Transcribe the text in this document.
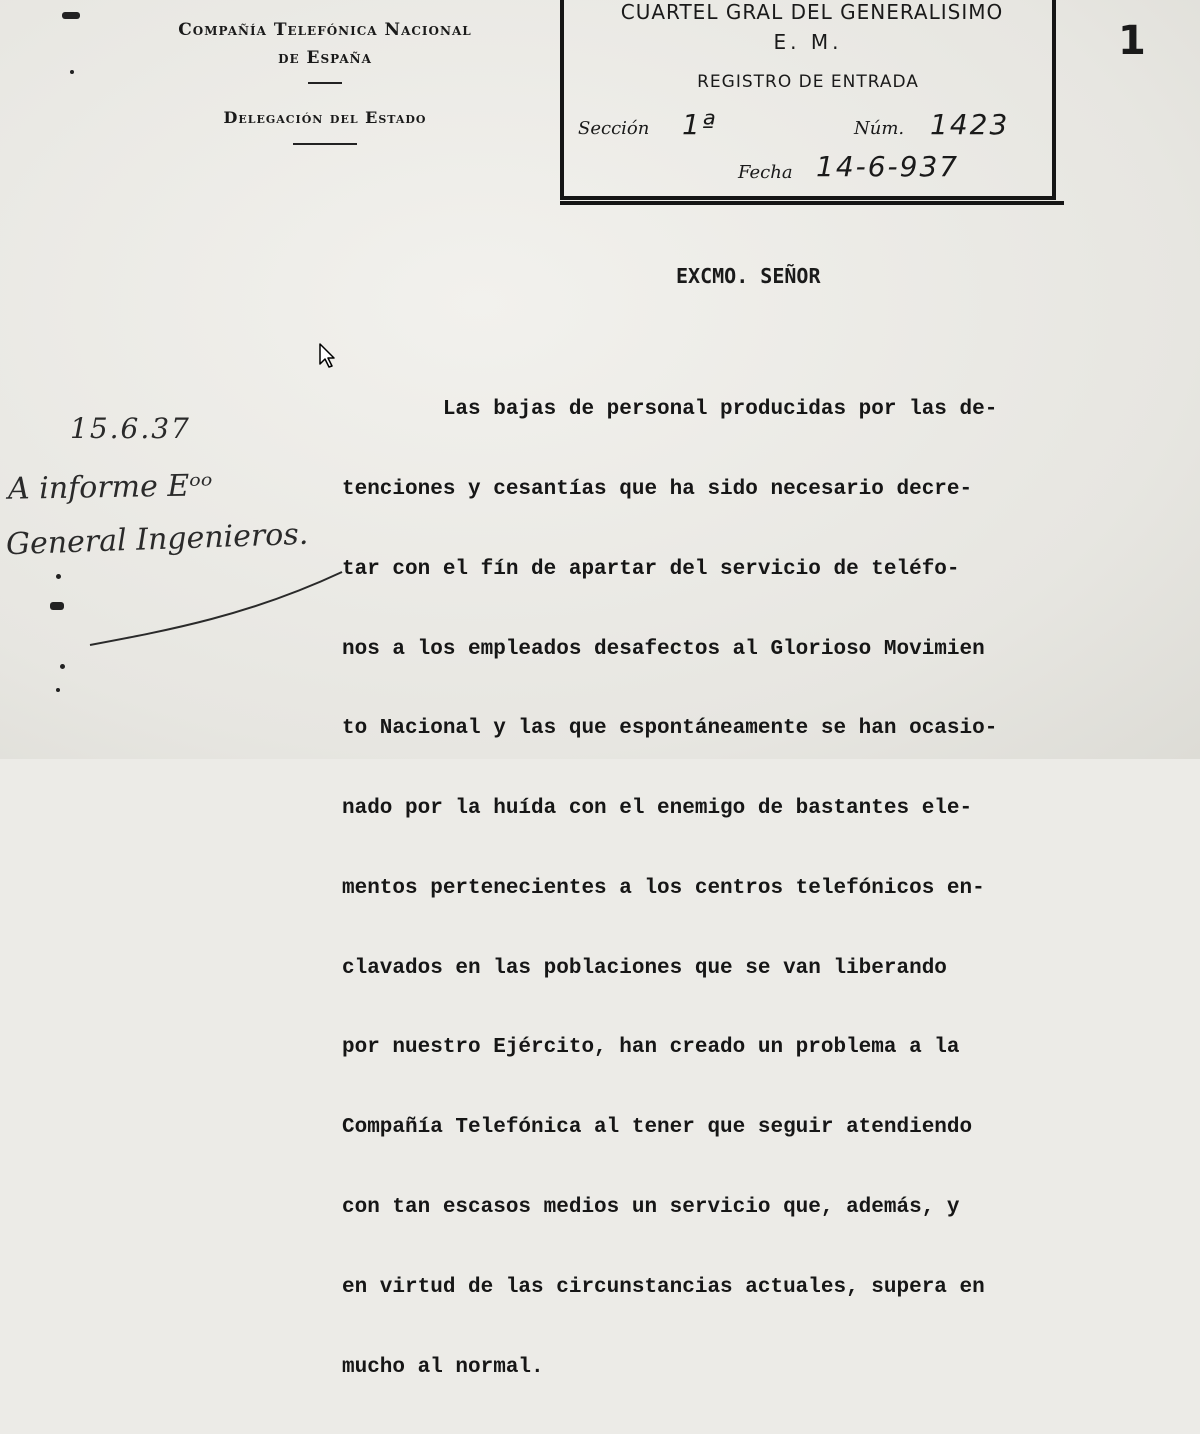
Compañía Telefónica Nacional
de España
Delegación del Estado
CUARTEL GRAL DEL GENERALISIMO
E. M.
REGISTRO DE ENTRADA
Sección 1ª	Núm. 1423
Fecha 14-6-937
1
EXCMO. SEÑOR

Las bajas de personal producidas por las de-

tenciones y cesantías que ha sido necesario decre-

tar con el fín de apartar del servicio de teléfo-

nos a los empleados desafectos al Glorioso Movimien

to Nacional y las que espontáneamente se han ocasio-

nado por la huída con el enemigo de bastantes ele-

mentos pertenecientes a los centros telefónicos en-

clavados en las poblaciones que se van liberando

por nuestro Ejército, han creado un problema a la

Compañía Telefónica al tener que seguir atendiendo

con tan escasos medios un servicio que, además, y

en virtud de las circunstancias actuales, supera en

mucho al normal.

15.6.37
A informe Eᵒᵒ
General Ingenieros.
